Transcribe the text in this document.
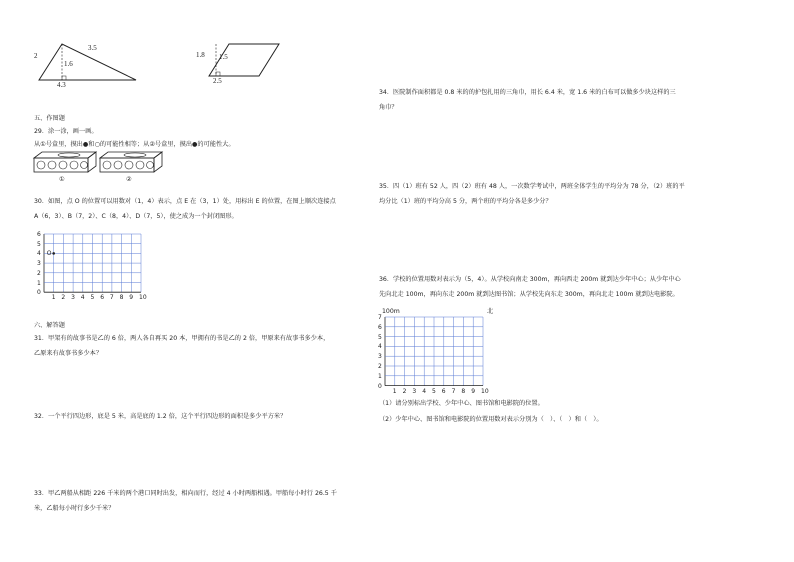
2
3.5
1.6
4.3
1.8 1.5
2.5
五、作图题
29．涂一涂，画一画。
从①号盒里，摸出●和○的可能性相等；从②号盒里，摸出●的可能性大。
①	②
30．如图，点 O 的位置可以用数对（1，4）表示，点 E 在（3，1）处，用标出 E 的位置，在图上顺次连接点
A（6，3）、B（7，2）、C（8，4）、D（7，5），使之成为一个封闭图形。
六、解答题
31．甲架有的故事书是乙的 6 倍，两人各自再买 20 本，甲拥有的书是乙的 2 倍，甲原来有故事书多少本，
乙原来有故事书多少本？
32．一个平行四边形，底是 5 米，高是底的 1.2 倍，这个平行四边形的面积是多少平方米？
33．甲乙两船从相距 226 千米的两个港口同时出发，相向而行，经过 4 小时两船相遇。甲船每小时行 26.5 千
米，乙船每小时行多少千米？
34．医院制作面积都是 0.8 米的的护包扎用的三角巾，用长 6.4 米，宽 1.6 米的白布可以做多少块这样的三
角巾？
35．四（1）班有 52 人，四（2）班有 48 人，一次数学考试中，两班全体学生的平均分为 78 分，（2）班的平
均分比（1）班的平均分高 5 分，两个班的平均分各是多少分？
36．学校的位置用数对表示为（5，4）。从学校向南走 300m，再向西走 200m 就到达少年中心；从少年中心
先向北走 100m，再向东走 200m 就到达图书馆；从学校先向东走 300m，再向北走 100m 就到达电影院。
100m	北
（1）请分别标出学校、少年中心、图书馆和电影院的位置。
（2）少年中心、图书馆和电影院的位置用数对表示分别为（　）、（　）和（　）。
6
5
4
3
2
1
0
1 2 3 4 5 6 7 8 9 10
O
7
6
5
4
3
2
1
0
1 2 3 4 5 6 7 8 9 10
